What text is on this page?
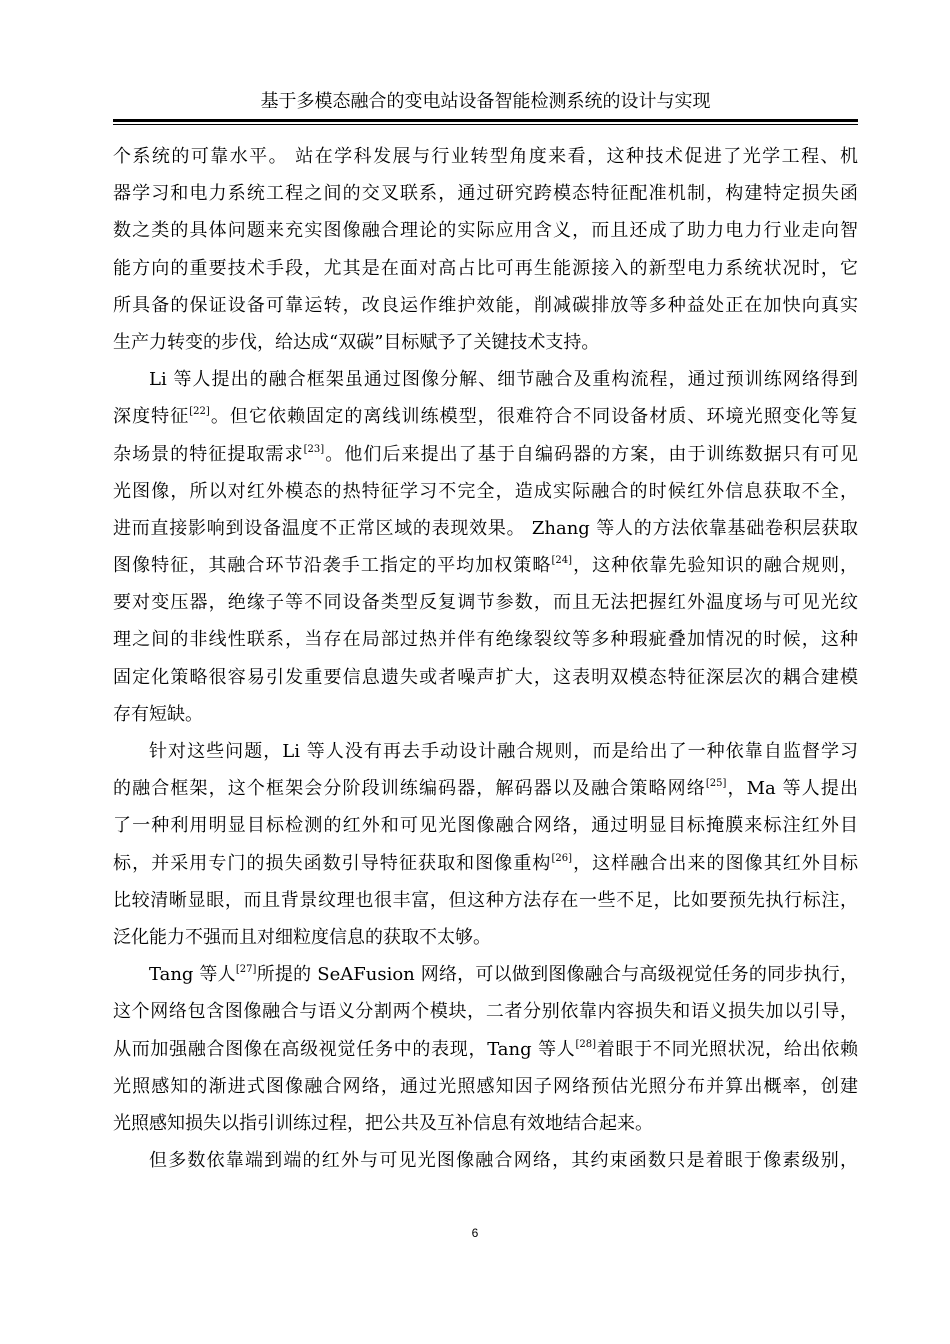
基于多模态融合的变电站设备智能检测系统的设计与实现
个系统的可靠水平。 站在学科发展与行业转型角度来看，这种技术促进了光学工程、机
器学习和电力系统工程之间的交叉联系，通过研究跨模态特征配准机制，构建特定损失函
数之类的具体问题来充实图像融合理论的实际应用含义，而且还成了助力电力行业走向智
能方向的重要技术手段，尤其是在面对高占比可再生能源接入的新型电力系统状况时，它
所具备的保证设备可靠运转，改良运作维护效能，削减碳排放等多种益处正在加快向真实
生产力转变的步伐，给达成“双碳”目标赋予了关键技术支持。
Li 等人提出的融合框架虽通过图像分解、细节融合及重构流程，通过预训练网络得到
深度特征[22]。但它依赖固定的离线训练模型，很难符合不同设备材质、环境光照变化等复
杂场景的特征提取需求[23]。他们后来提出了基于自编码器的方案，由于训练数据只有可见
光图像，所以对红外模态的热特征学习不完全，造成实际融合的时候红外信息获取不全，
进而直接影响到设备温度不正常区域的表现效果。 Zhang 等人的方法依靠基础卷积层获取
图像特征，其融合环节沿袭手工指定的平均加权策略[24]，这种依靠先验知识的融合规则，
要对变压器，绝缘子等不同设备类型反复调节参数，而且无法把握红外温度场与可见光纹
理之间的非线性联系，当存在局部过热并伴有绝缘裂纹等多种瑕疵叠加情况的时候，这种
固定化策略很容易引发重要信息遗失或者噪声扩大，这表明双模态特征深层次的耦合建模
存有短缺。
针对这些问题，Li 等人没有再去手动设计融合规则，而是给出了一种依靠自监督学习
的融合框架，这个框架会分阶段训练编码器，解码器以及融合策略网络[25]，Ma 等人提出
了一种利用明显目标检测的红外和可见光图像融合网络，通过明显目标掩膜来标注红外目
标，并采用专门的损失函数引导特征获取和图像重构[26]，这样融合出来的图像其红外目标
比较清晰显眼，而且背景纹理也很丰富，但这种方法存在一些不足，比如要预先执行标注，
泛化能力不强而且对细粒度信息的获取不太够。
Tang 等人[27]所提的 SeAFusion 网络，可以做到图像融合与高级视觉任务的同步执行，
这个网络包含图像融合与语义分割两个模块，二者分别依靠内容损失和语义损失加以引导，
从而加强融合图像在高级视觉任务中的表现，Tang 等人[28]着眼于不同光照状况，给出依赖
光照感知的渐进式图像融合网络，通过光照感知因子网络预估光照分布并算出概率，创建
光照感知损失以指引训练过程，把公共及互补信息有效地结合起来。
但多数依靠端到端的红外与可见光图像融合网络，其约束函数只是着眼于像素级别，
6
